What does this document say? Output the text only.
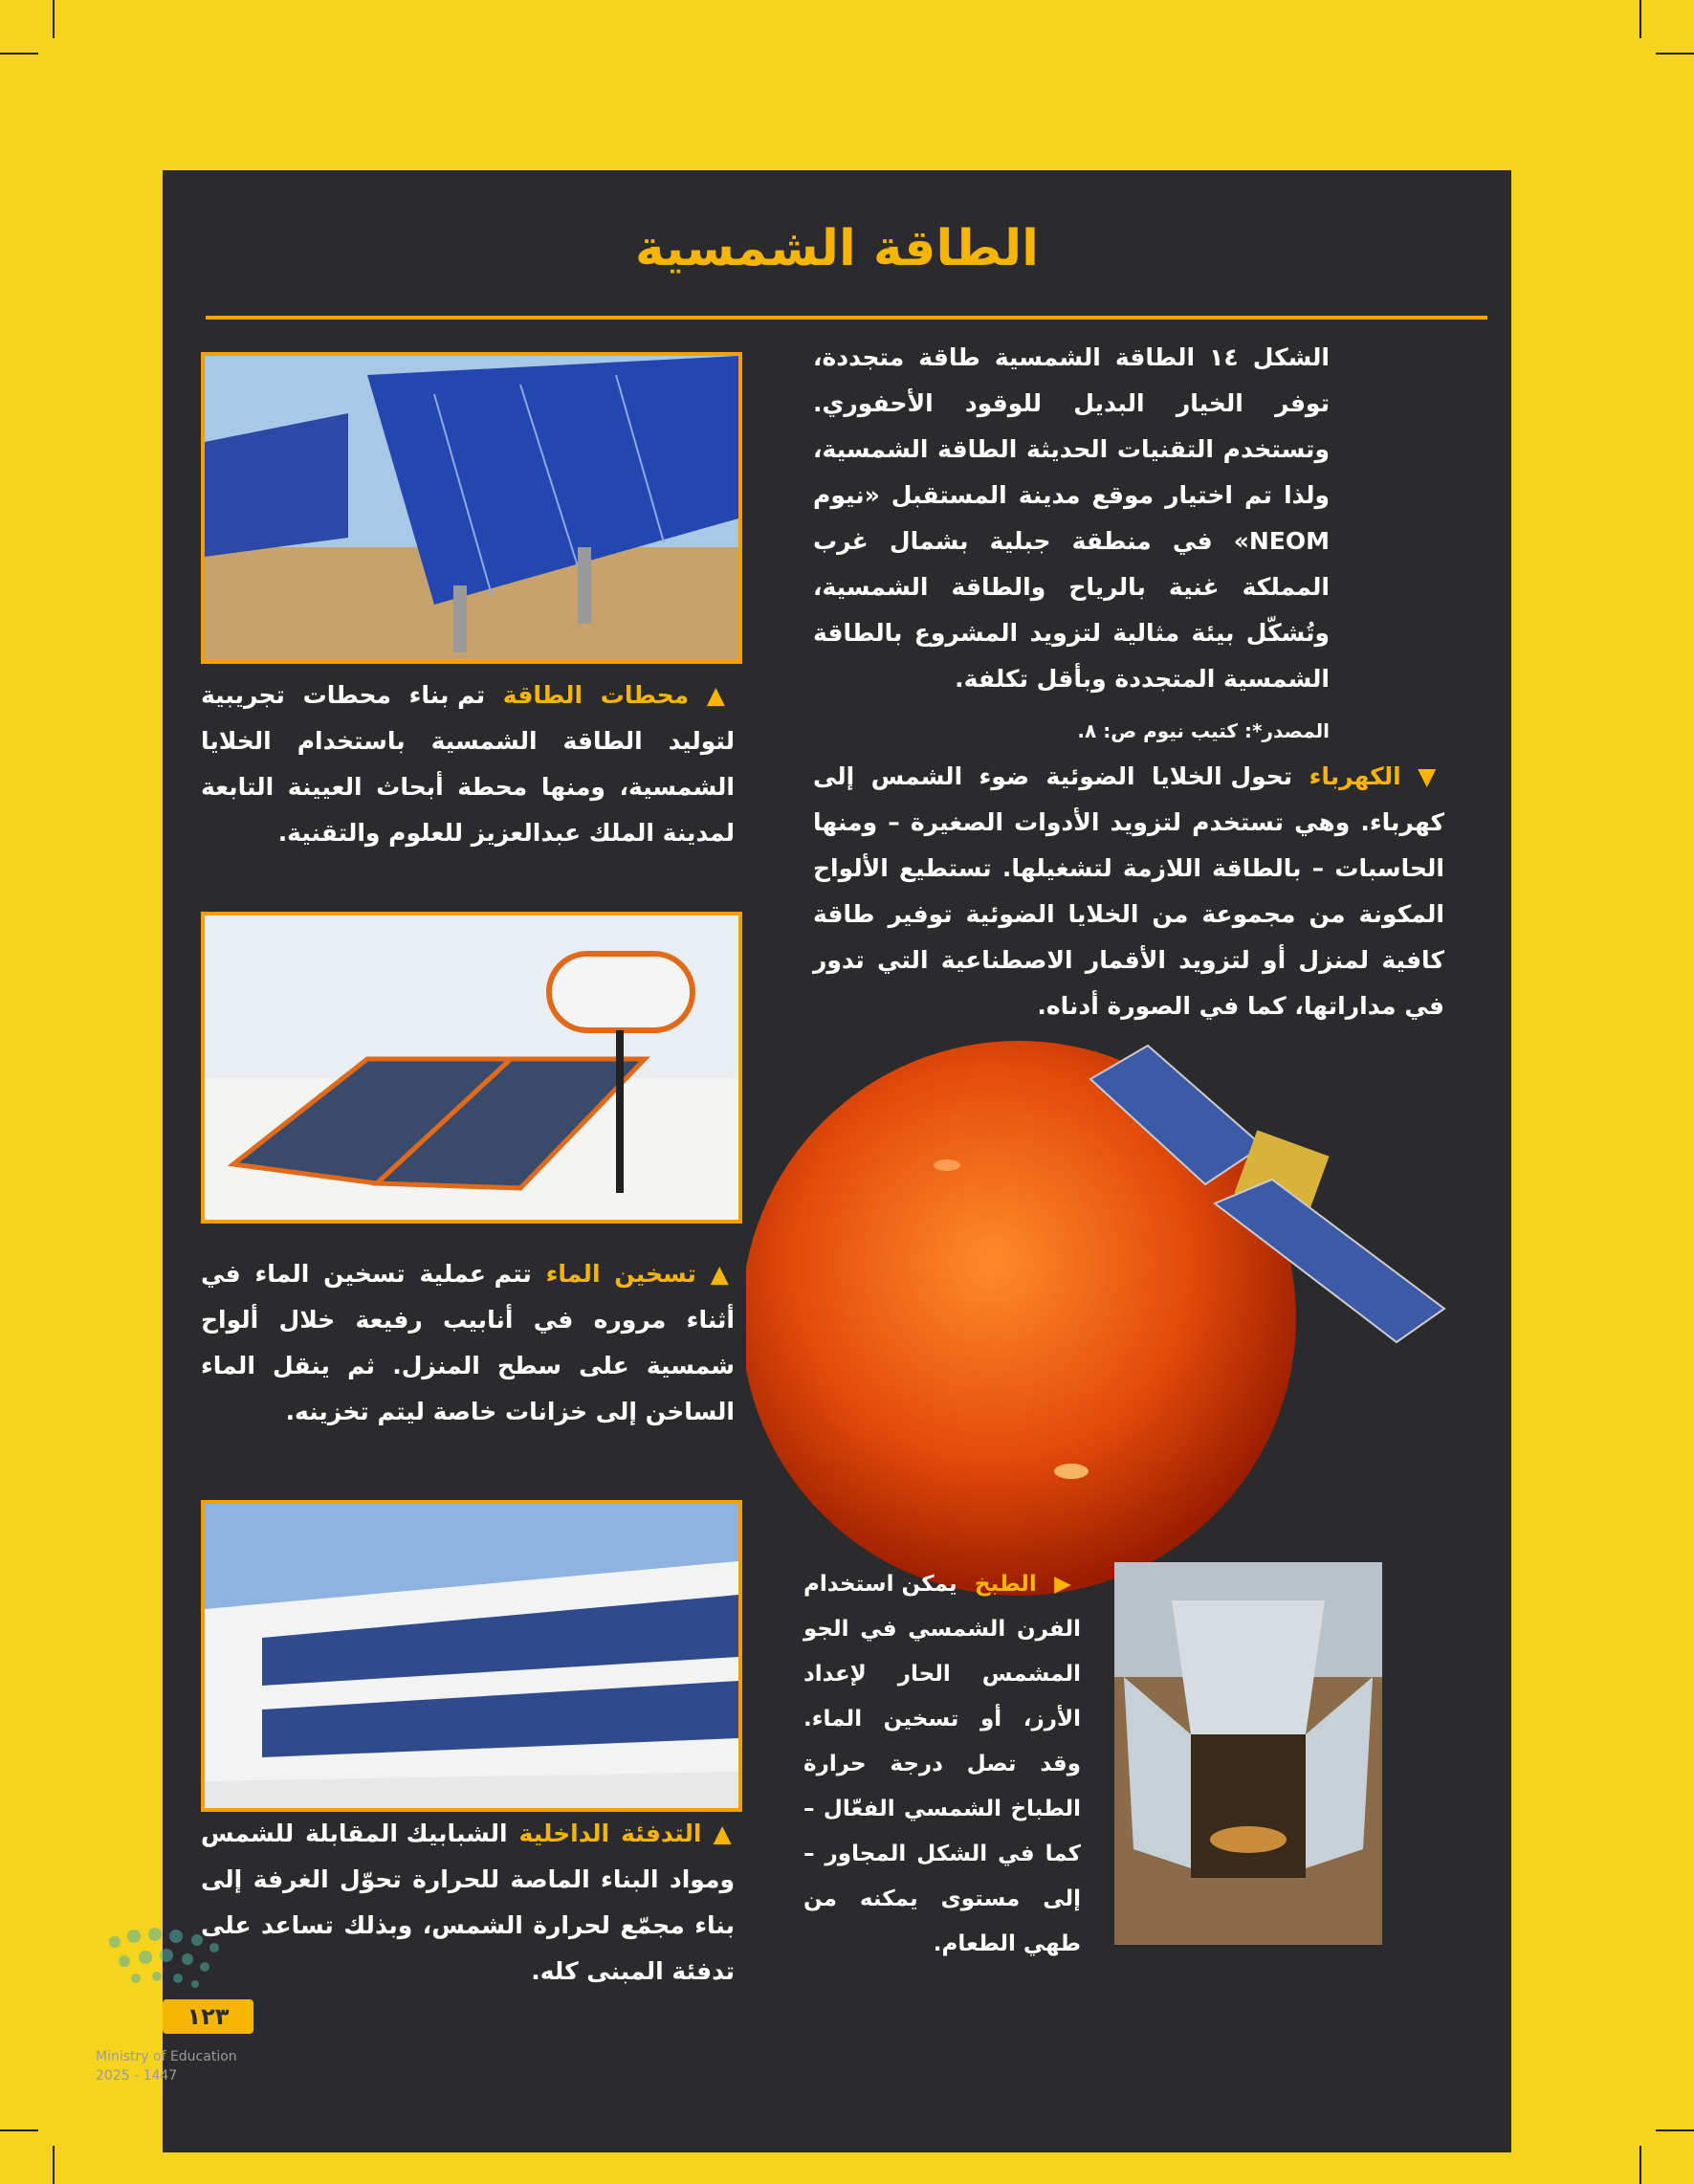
الطاقة الشمسية
الشكل ١٤ الطاقة الشمسية طاقة متجددة، توفر الخيار البديل للوقود الأحفوري. وتستخدم التقنيات الحديثة الطاقة الشمسية، ولذا تم اختيار موقع مدينة المستقبل «نيوم NEOM» في منطقة جبلية بشمال غرب المملكة غنية بالرياح والطاقة الشمسية، وتُشكّل بيئة مثالية لتزويد المشروع بالطاقة الشمسية المتجددة وبأقل تكلفة.
المصدر*: كتيب نيوم ص: ٨.
▼ الكهرباء تحول الخلايا الضوئية ضوء الشمس إلى كهرباء. وهي تستخدم لتزويد الأدوات الصغيرة – ومنها الحاسبات – بالطاقة اللازمة لتشغيلها. تستطيع الألواح المكونة من مجموعة من الخلايا الضوئية توفير طاقة كافية لمنزل أو لتزويد الأقمار الاصطناعية التي تدور في مداراتها، كما في الصورة أدناه.
▶ الطبخ يمكن استخدام الفرن الشمسي في الجو المشمس الحار لإعداد الأرز، أو تسخين الماء. وقد تصل درجة حرارة الطباخ الشمسي الفعّال – كما في الشكل المجاور – إلى مستوى يمكنه من طهي الطعام.
▲ محطات الطاقة تم بناء محطات تجريبية لتوليد الطاقة الشمسية باستخدام الخلايا الشمسية، ومنها محطة أبحاث العيينة التابعة لمدينة الملك عبدالعزيز للعلوم والتقنية.
▲ تسخين الماء تتم عملية تسخين الماء في أثناء مروره في أنابيب رفيعة خلال ألواح شمسية على سطح المنزل. ثم ينقل الماء الساخن إلى خزانات خاصة ليتم تخزينه.
▲ التدفئة الداخلية الشبابيك المقابلة للشمس ومواد البناء الماصة للحرارة تحوّل الغرفة إلى بناء مجمّع لحرارة الشمس، وبذلك تساعد على تدفئة المبنى كله.
١٢٣
Ministry of Education
2025 - 1447
